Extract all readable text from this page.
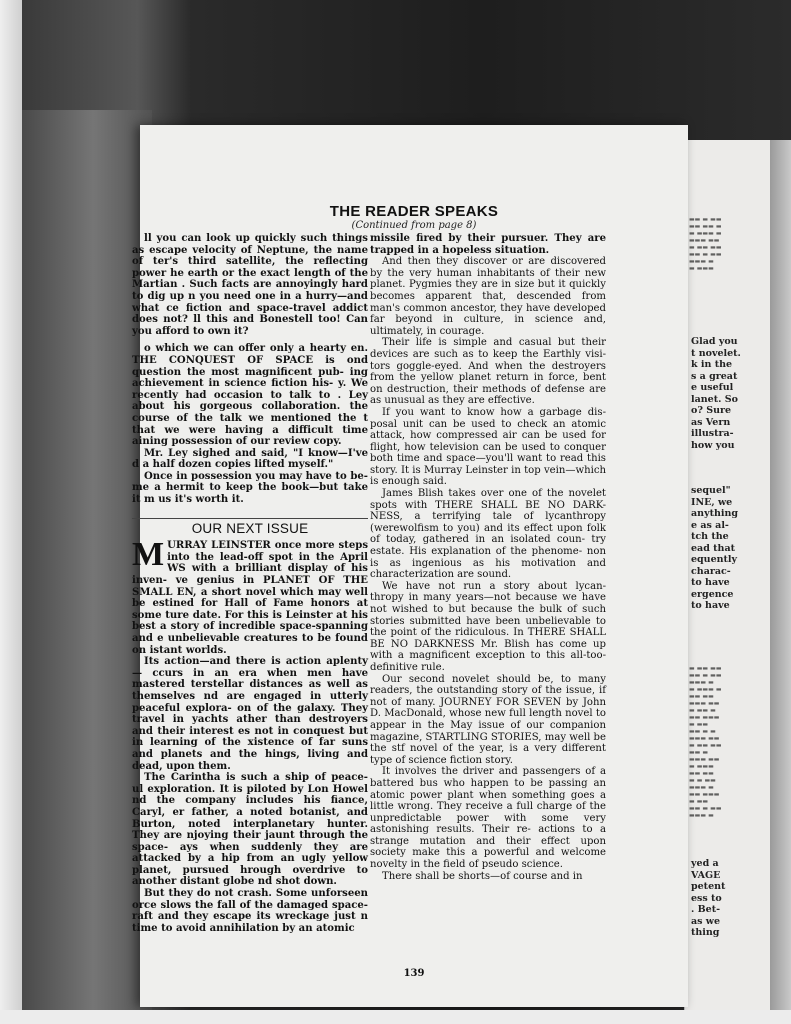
▬▬ ▬ ▬▬
▬▬ ▬▬ ▬
▬ ▬▬▬ ▬
▬▬▬ ▬▬
▬ ▬▬ ▬▬
▬▬ ▬ ▬▬
▬▬▬ ▬
▬ ▬▬▬
Glad you
t novelet.
k in the
s a great
e useful
lanet. So
o? Sure
as Vern
illustra-
how you
sequel"
INE, we
anything
e as al-
tch the
ead that
equently
charac-
to have
ergence
to have
▬ ▬▬ ▬▬
▬▬ ▬ ▬▬
▬▬▬ ▬
▬ ▬▬▬ ▬
▬▬ ▬▬
▬▬▬ ▬▬
▬ ▬▬ ▬
▬▬ ▬▬▬
▬ ▬▬
▬▬ ▬ ▬
▬▬▬ ▬▬
▬ ▬▬ ▬▬
▬▬ ▬
▬▬▬ ▬▬
▬ ▬▬▬
▬▬ ▬▬
▬ ▬ ▬▬
▬▬▬ ▬
▬▬ ▬▬▬
▬ ▬▬
▬▬ ▬ ▬▬
▬▬▬ ▬
yed a
VAGE
petent
ess to
. Bet-
as we
thing
THE READER SPEAKS
(Continued from page 8)

ll you can look up quickly such things as escape velocity of Neptune, the name of ter's third satellite, the reflecting power he earth or the exact length of the Martian . Such facts are annoyingly hard to dig up n you need one in a hurry—and what ce fiction and space-travel addict does not? ll this and Bonestell too! Can you afford to own it?

o which we can offer only a hearty en. THE CONQUEST OF SPACE is ond question the most magnificent pub- ing achievement in science fiction his- y. We recently had occasion to talk to . Ley about his gorgeous collaboration. the course of the talk we mentioned the t that we were having a difficult time aining possession of our review copy.

Mr. Ley sighed and said, "I know—I've d a half dozen copies lifted myself."

Once in possession you may have to be- me a hermit to keep the book—but take it m us it's worth it.

OUR NEXT ISSUE

MURRAY LEINSTER once more steps into the lead-off spot in the April WS with a brilliant display of his inven- ve genius in PLANET OF THE SMALL EN, a short novel which may well be estined for Hall of Fame honors at some ture date. For this is Leinster at his best a story of incredible space-spanning and e unbelievable creatures to be found on istant worlds.

Its action—and there is action aplenty— ccurs in an era when men have mastered terstellar distances as well as themselves nd are engaged in utterly peaceful explora- on of the galaxy. They travel in yachts ather than destroyers and their interest es not in conquest but in learning of the xistence of far suns and planets and the hings, living and dead, upon them.

The Carintha is such a ship of peace- ul exploration. It is piloted by Lon Howel nd the company includes his fiance, Caryl, er father, a noted botanist, and Burton, noted interplanetary hunter. They are njoying their jaunt through the space- ays when suddenly they are attacked by a hip from an ugly yellow planet, pursued hrough overdrive to another distant globe nd shot down.

But they do not crash. Some unforseen orce slows the fall of the damaged space- raft and they escape its wreckage just n time to avoid annihilation by an atomic

missile fired by their pursuer. They are trapped in a hopeless situation.

And then they discover or are discovered by the very human inhabitants of their new planet. Pygmies they are in size but it quickly becomes apparent that, descended from man's common ancestor, they have developed far beyond in culture, in science and, ultimately, in courage.

Their life is simple and casual but their devices are such as to keep the Earthly visi- tors goggle-eyed. And when the destroyers from the yellow planet return in force, bent on destruction, their methods of defense are as unusual as they are effective.

If you want to know how a garbage dis- posal unit can be used to check an atomic attack, how compressed air can be used for flight, how television can be used to conquer both time and space—you'll want to read this story. It is Murray Leinster in top vein—which is enough said.

James Blish takes over one of the novelet spots with THERE SHALL BE NO DARK- NESS, a terrifying tale of lycanthropy (werewolfism to you) and its effect upon folk of today, gathered in an isolated coun- try estate. His explanation of the phenome- non is as ingenious as his motivation and characterization are sound.

We have not run a story about lycan- thropy in many years—not because we have not wished to but because the bulk of such stories submitted have been unbelievable to the point of the ridiculous. In THERE SHALL BE NO DARKNESS Mr. Blish has come up with a magnificent exception to this all-too-definitive rule.

Our second novelet should be, to many readers, the outstanding story of the issue, if not of many. JOURNEY FOR SEVEN by John D. MacDonald, whose new full length novel to appear in the May issue of our companion magazine, STARTLING STORIES, may well be the stf novel of the year, is a very different type of science fiction story.

It involves the driver and passengers of a battered bus who happen to be passing an atomic power plant when something goes a little wrong. They receive a full charge of the unpredictable power with some very astonishing results. Their re- actions to a strange mutation and their effect upon society make this a powerful and welcome novelty in the field of pseudo science.

There shall be shorts—of course and in

139
